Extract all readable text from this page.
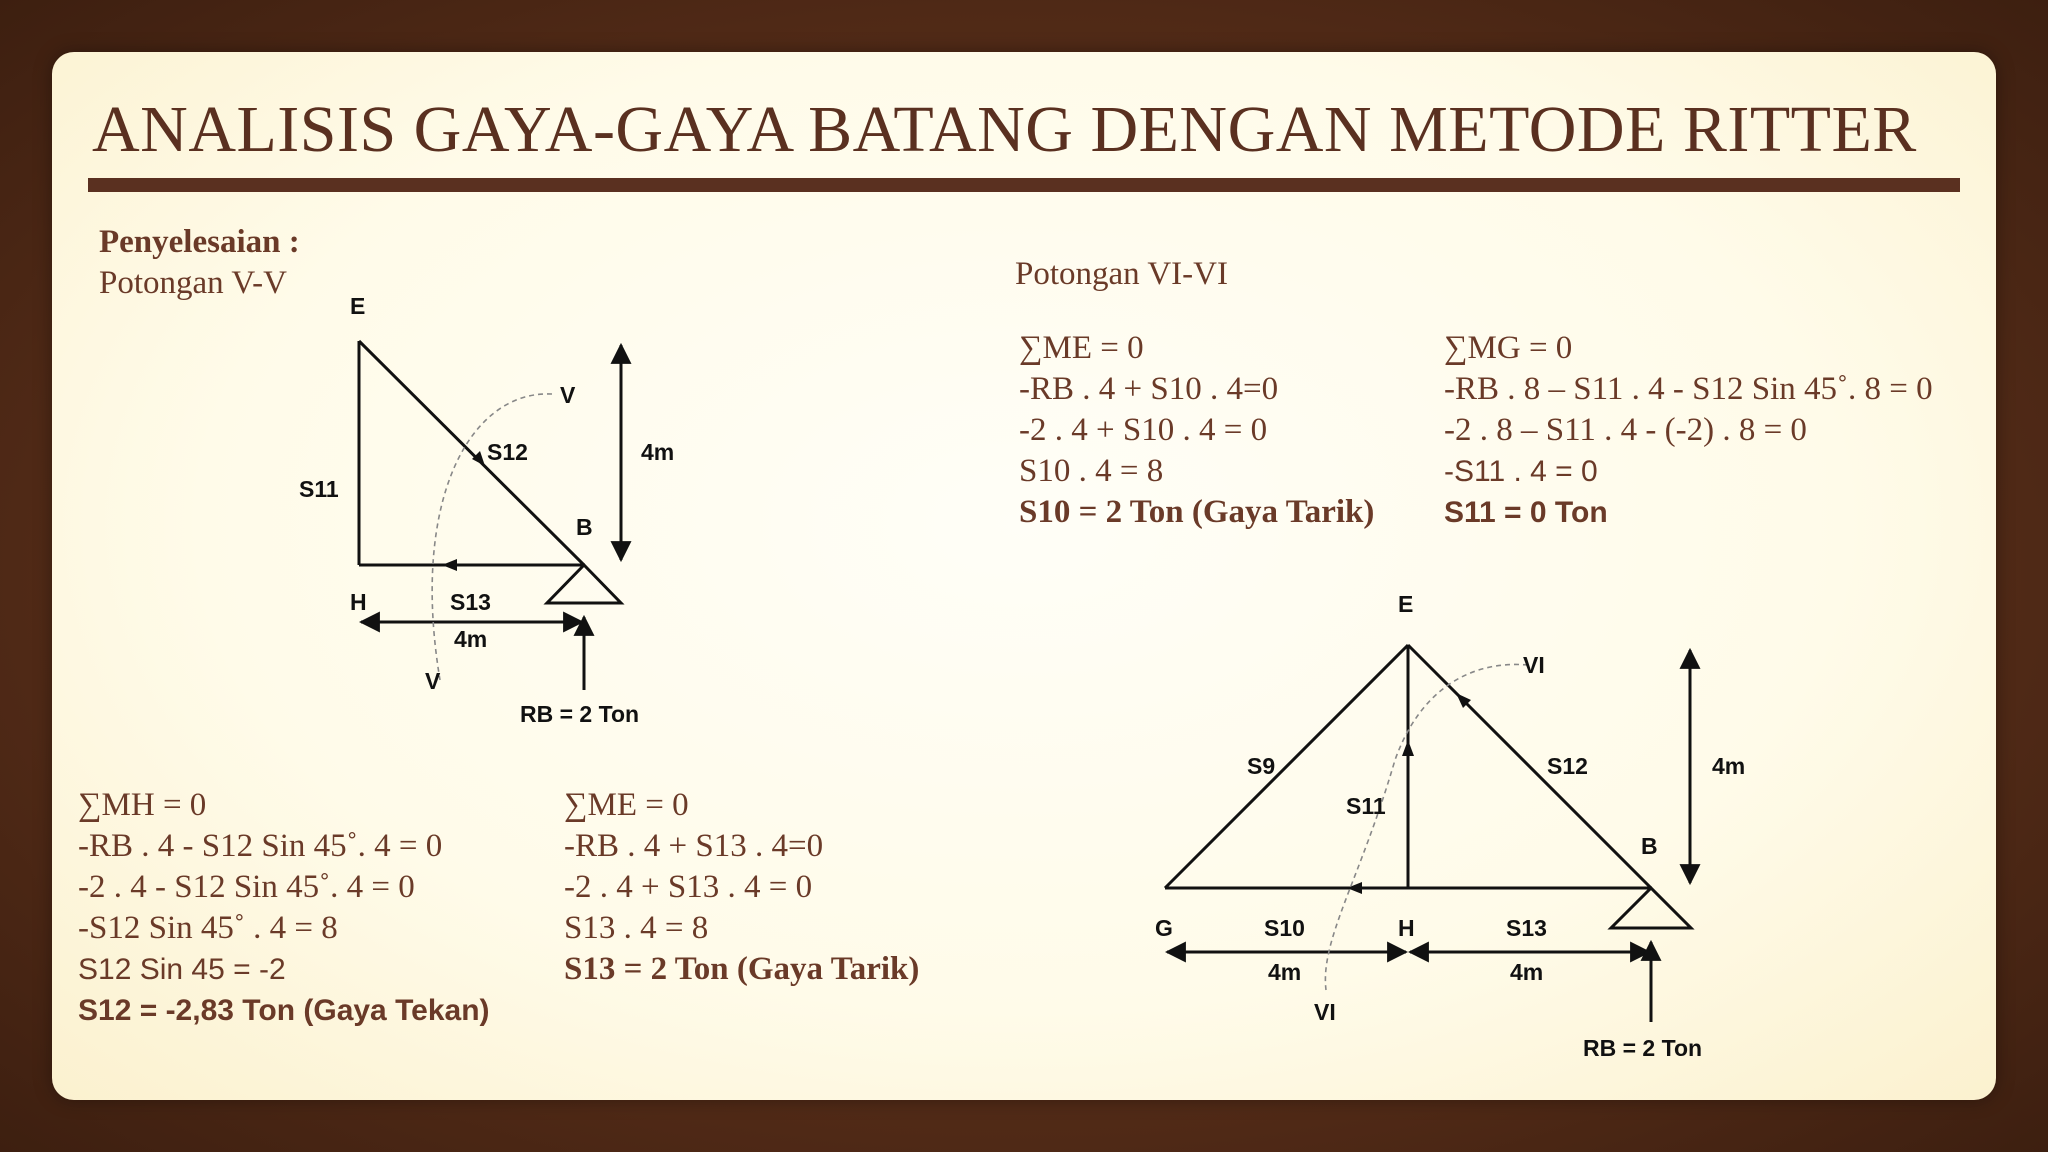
ANALISIS GAYA-GAYA BATANG DENGAN METODE RITTER
Penyelesaian :
Potongan V-V	Potongan VI-VI
∑ME = 0
-RB . 4 + S10 . 4=0
-2 . 4 + S10 . 4 = 0
S10 . 4 = 8
S10 = 2 Ton (Gaya Tarik)
∑MG = 0
-RB . 8 – S11 . 4 - S12 Sin 45˚. 8 = 0
-2 . 8 – S11 . 4 - (-2) . 8 = 0
-S11 . 4 = 0
S11 = 0 Ton
∑MH = 0
-RB . 4 - S12 Sin 45˚. 4 = 0
-2 . 4 - S12 Sin 45˚. 4 = 0
-S12 Sin 45˚ . 4 = 8
S12 Sin 45 = -2
S12 = -2,83 Ton (Gaya Tekan)
∑ME = 0
-RB . 4 + S13 . 4=0
-2 . 4 + S13 . 4 = 0
S13 . 4 = 8
S13 = 2 Ton (Gaya Tarik)
E
H
B
S11
S12
S13
4m
4m
V
V
RB = 2 Ton
E
G	H
B
S9
S10
S11
S12
S13
4m
4m	4m
VI
VI
RB = 2 Ton
